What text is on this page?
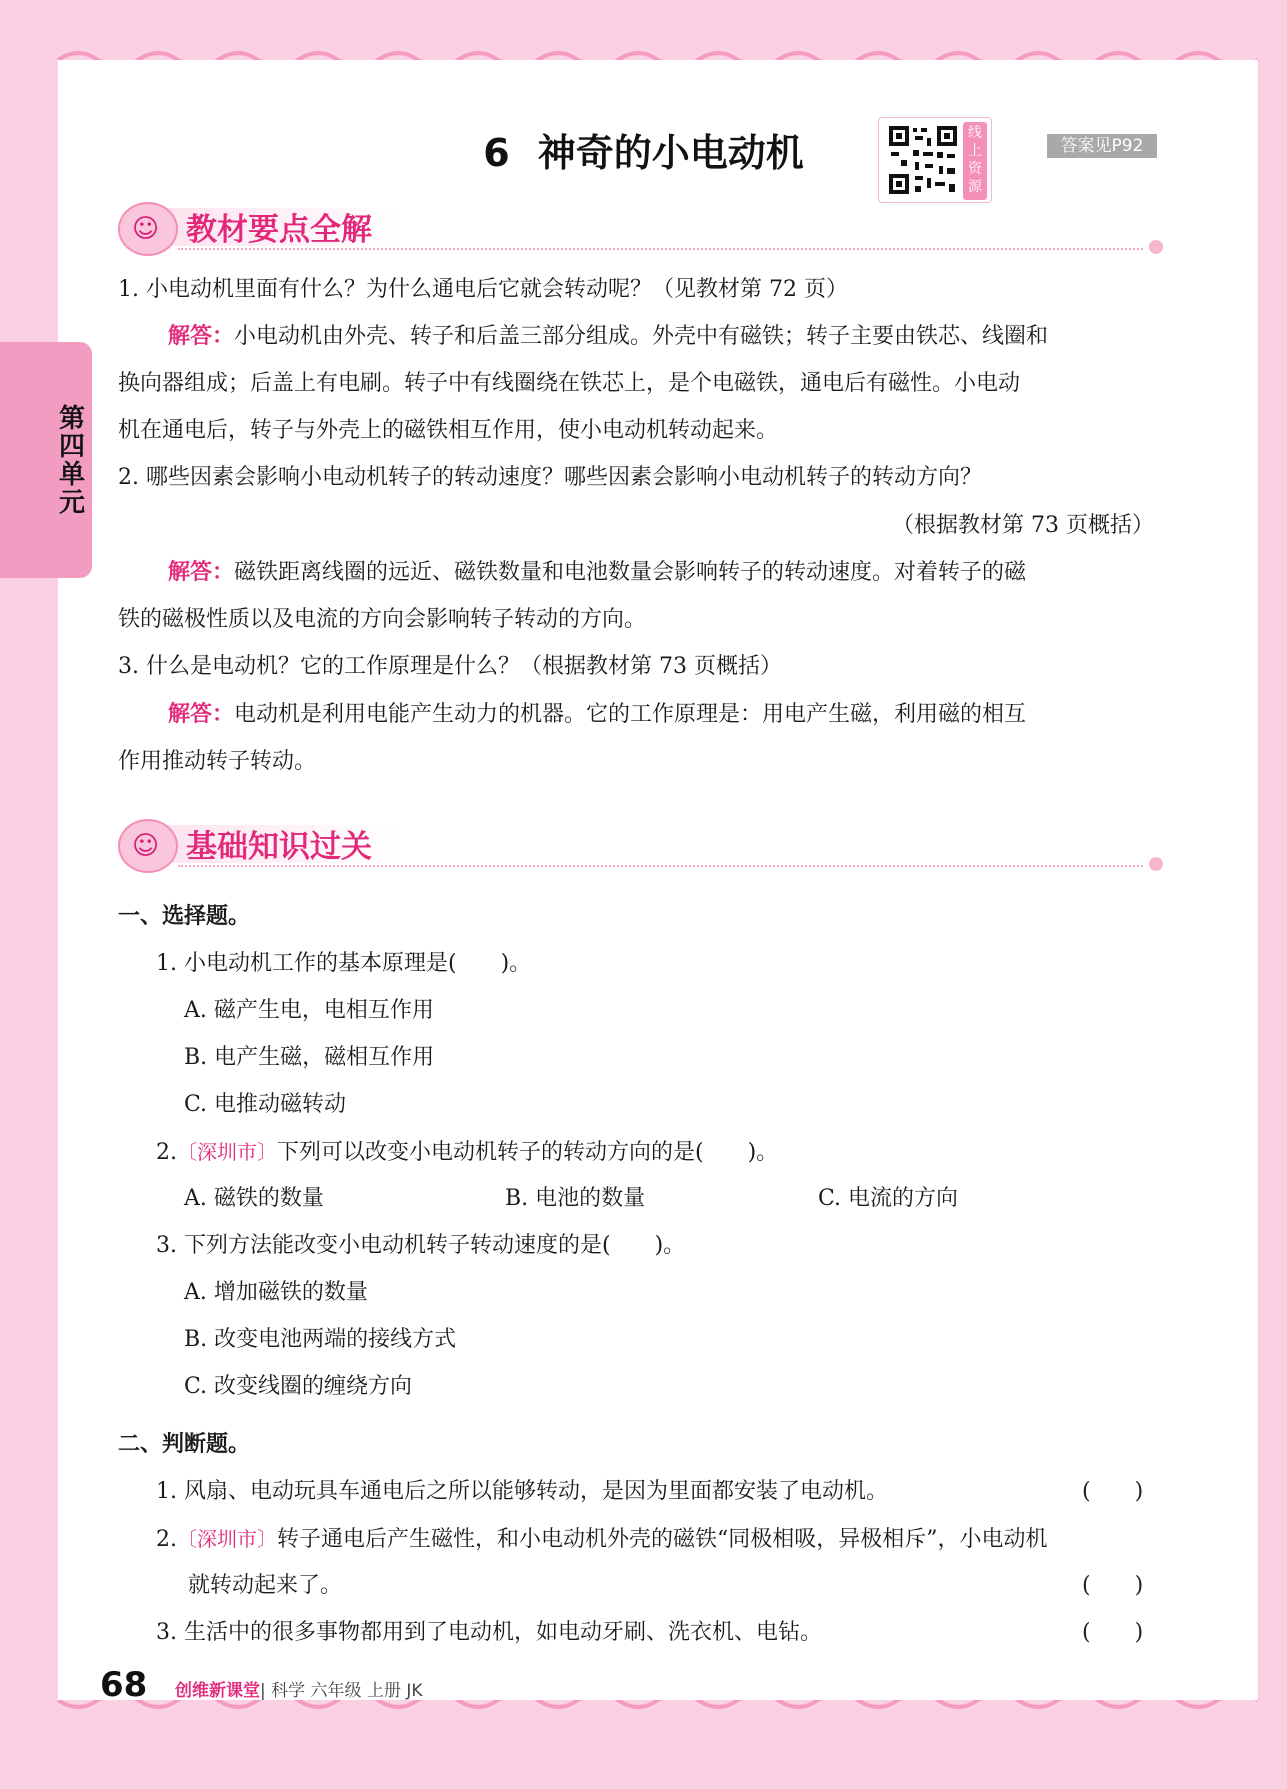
第四单元
6 神奇的小电动机	线上资源
答案见P92
☺ 教材要点全解
1. 小电动机里面有什么？为什么通电后它就会转动呢？（见教材第 72 页）
解答：小电动机由外壳、转子和后盖三部分组成。外壳中有磁铁；转子主要由铁芯、线圈和
换向器组成；后盖上有电刷。转子中有线圈绕在铁芯上，是个电磁铁，通电后有磁性。小电动
机在通电后，转子与外壳上的磁铁相互作用，使小电动机转动起来。
2. 哪些因素会影响小电动机转子的转动速度？哪些因素会影响小电动机转子的转动方向？
（根据教材第 73 页概括）
解答：磁铁距离线圈的远近、磁铁数量和电池数量会影响转子的转动速度。对着转子的磁
铁的磁极性质以及电流的方向会影响转子转动的方向。
3. 什么是电动机？它的工作原理是什么？（根据教材第 73 页概括）
解答：电动机是利用电能产生动力的机器。它的工作原理是：用电产生磁，利用磁的相互
作用推动转子转动。
☺ 基础知识过关
一、选择题。
1. 小电动机工作的基本原理是(　　)。
A. 磁产生电，电相互作用
B. 电产生磁，磁相互作用
C. 电推动磁转动
2.〔深圳市〕下列可以改变小电动机转子的转动方向的是(　　)。
A. 磁铁的数量	B. 电池的数量	C. 电流的方向
3. 下列方法能改变小电动机转子转动速度的是(　　)。
A. 增加磁铁的数量
B. 改变电池两端的接线方式
C. 改变线圈的缠绕方向
二、判断题。
1. 风扇、电动玩具车通电后之所以能够转动，是因为里面都安装了电动机。	(　　)
2.〔深圳市〕转子通电后产生磁性，和小电动机外壳的磁铁“同极相吸，异极相斥”，小电动机
就转动起来了。	(　　)
3. 生活中的很多事物都用到了电动机，如电动牙刷、洗衣机、电钻。	(　　)
68 创维新课堂| 科学 六年级 上册 JK
